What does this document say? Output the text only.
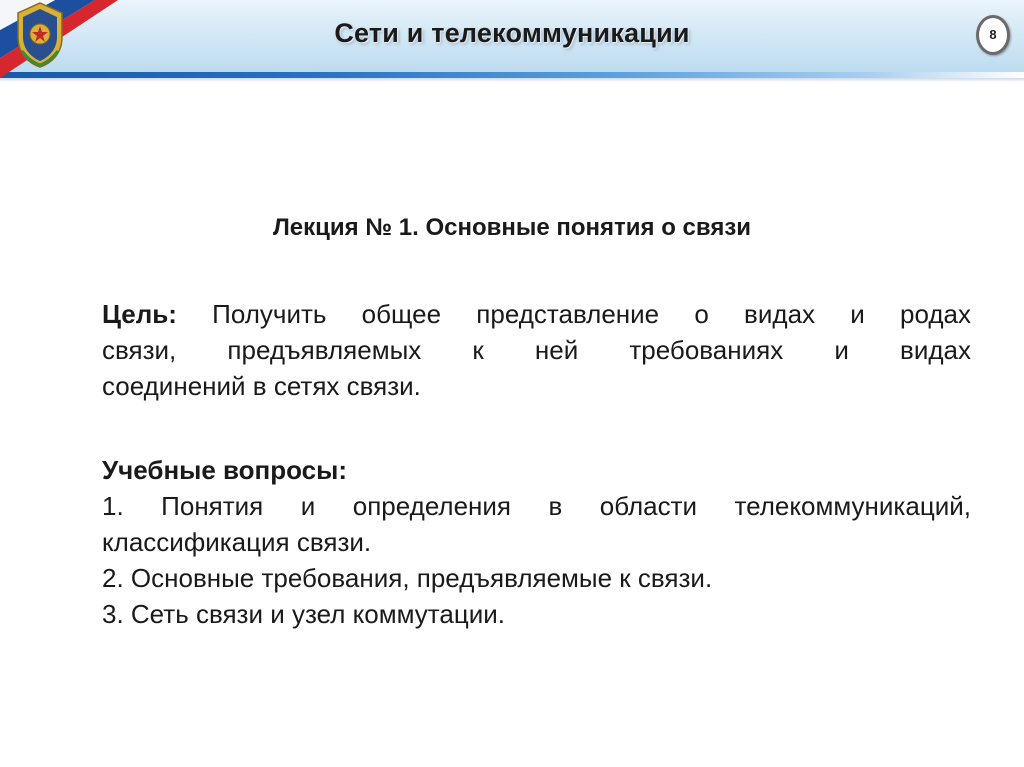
Сети и телекоммуникации	8
Лекция № 1. Основные понятия о связи
Цель: Получить общее представление о видах и родах
связи, предъявляемых к ней требованиях и видах
соединений в сетях связи.
Учебные вопросы:
1. Понятия и определения в области телекоммуникаций,
классификация связи.
2. Основные требования, предъявляемые к связи.
3. Сеть связи и узел коммутации.
